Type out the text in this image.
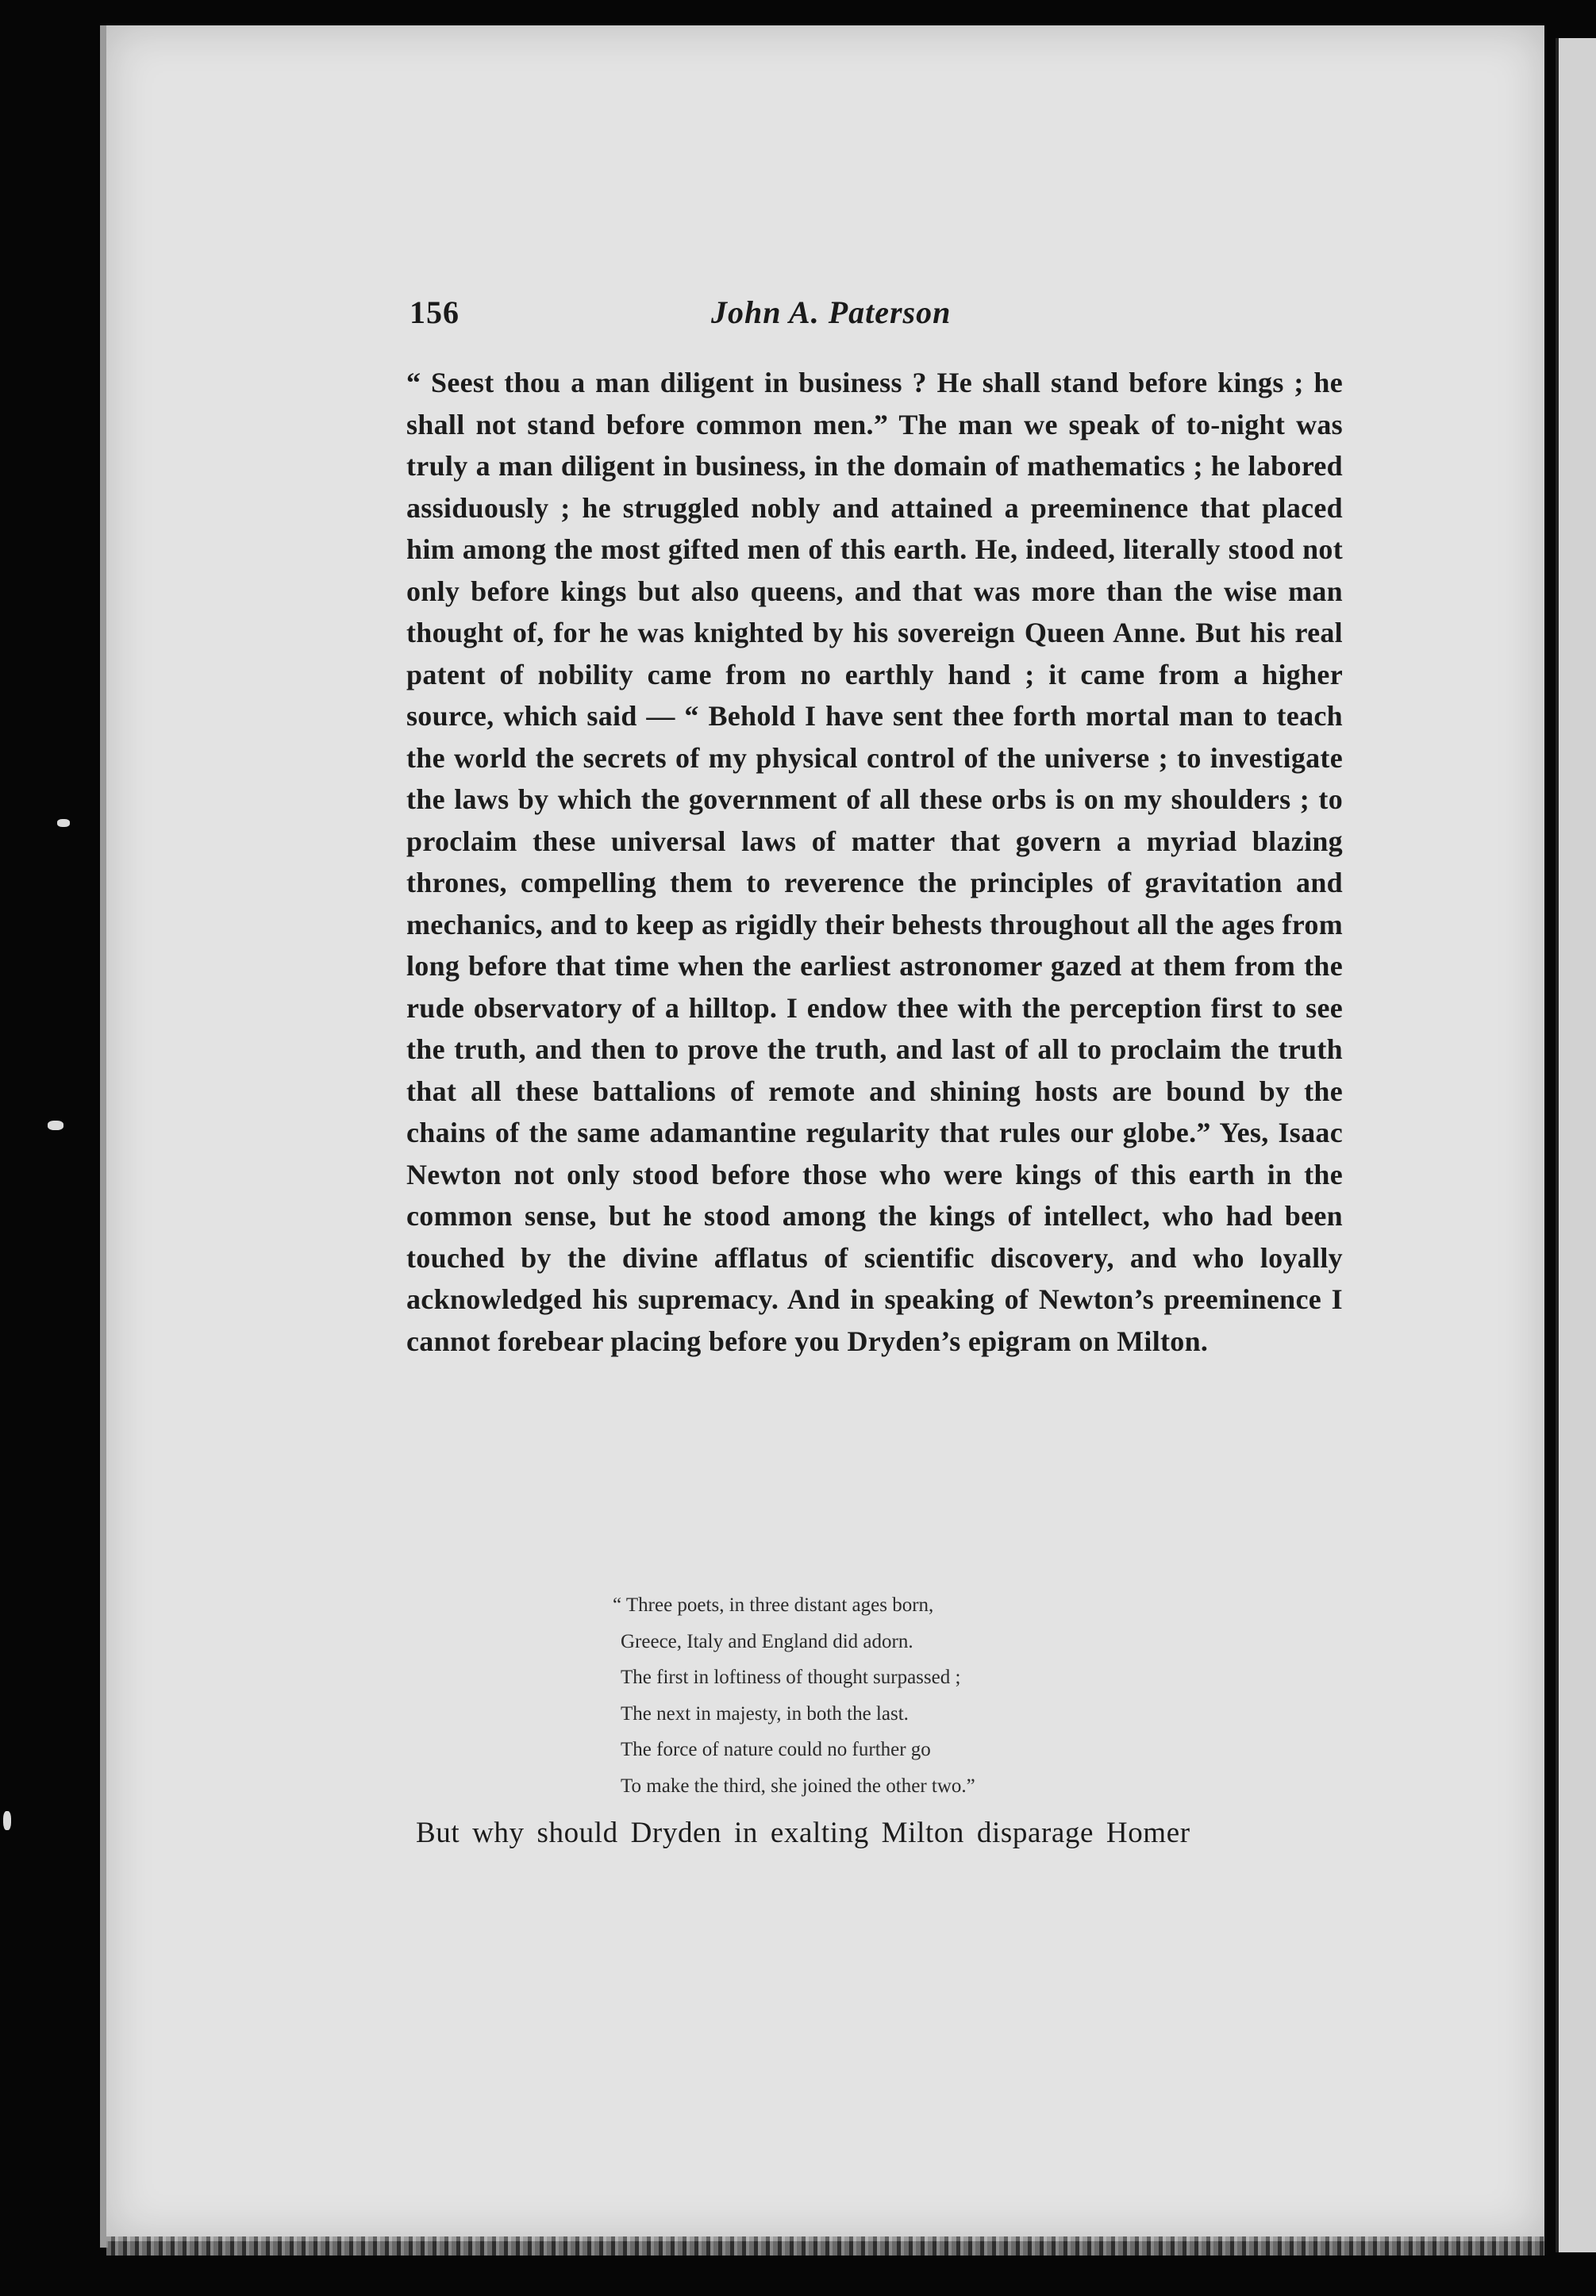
156	John A. Paterson

“ Seest thou a man diligent in business ? He shall stand before kings ; he shall not stand before common men.” The man we speak of to-night was truly a man diligent in business, in the domain of mathematics ; he labored assiduously ; he struggled nobly and attained a preeminence that placed him among the most gifted men of this earth. He, indeed, literally stood not only before kings but also queens, and that was more than the wise man thought of, for he was knighted by his sovereign Queen Anne. But his real patent of nobility came from no earthly hand ; it came from a higher source, which said — “ Behold I have sent thee forth mortal man to teach the world the secrets of my physical control of the universe ; to investigate the laws by which the government of all these orbs is on my shoulders ; to proclaim these universal laws of matter that govern a myriad blazing thrones, compelling them to reverence the principles of gravitation and mechanics, and to keep as rigidly their behests throughout all the ages from long before that time when the earliest astronomer gazed at them from the rude observatory of a hilltop. I endow thee with the perception first to see the truth, and then to prove the truth, and last of all to proclaim the truth that all these battalions of remote and shining hosts are bound by the chains of the same adamantine regularity that rules our globe.” Yes, Isaac Newton not only stood before those who were kings of this earth in the common sense, but he stood among the kings of intellect, who had been touched by the divine afflatus of scientific discovery, and who loyally acknowledged his supremacy. And in speaking of Newton’s preeminence I cannot forebear placing before you Dryden’s epigram on Milton.

“ Three poets, in three distant ages born,
Greece, Italy and England did adorn.
The first in loftiness of thought surpassed ;
The next in majesty, in both the last.
The force of nature could no further go
To make the third, she joined the other two.”
But why should Dryden in exalting Milton disparage Homer
